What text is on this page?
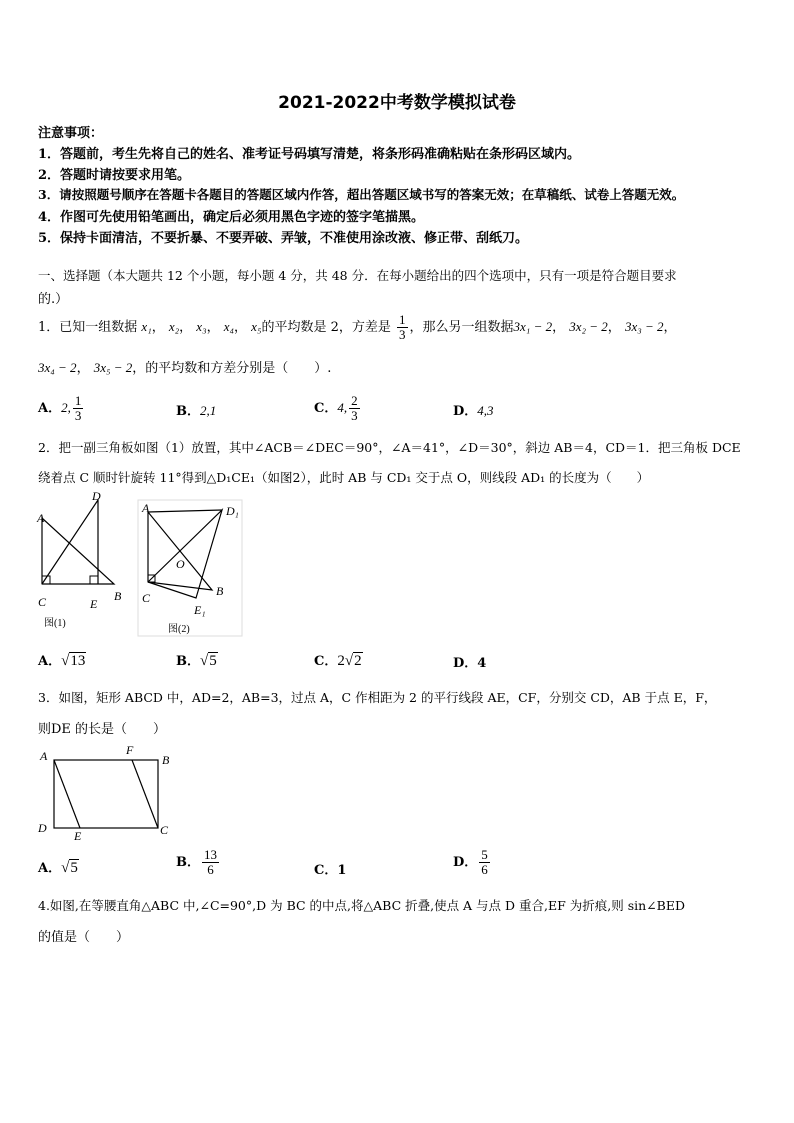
2021-2022中考数学模拟试卷
注意事项：
1．答题前，考生先将自己的姓名、准考证号码填写清楚，将条形码准确粘贴在条形码区域内。
2．答题时请按要求用笔。
3．请按照题号顺序在答题卡各题目的答题区域内作答，超出答题区域书写的答案无效；在草稿纸、试卷上答题无效。
4．作图可先使用铅笔画出，确定后必须用黑色字迹的签字笔描黑。
5．保持卡面清洁，不要折暴、不要弄破、弄皱，不准使用涂改液、修正带、刮纸刀。
一、选择题（本大题共 12 个小题，每小题 4 分，共 48 分．在每小题给出的四个选项中，只有一项是符合题目要求
的.）
1．已知一组数据 x₁， x₂， x₃， x₄， x₅的平均数是 2，方差是 $\frac{1}{3}$ ，那么另一组数据3x₁ − 2， 3x₂ − 2， 3x₃ − 2，
3x₄ − 2， 3x₅ − 2，的平均数和方差分别是（　　）.
A．2, $\frac{1}{3}$	B．2,1	C．4, $\frac{2}{3}$	D．4,3
2．把一副三角板如图（1）放置，其中∠ACB＝∠DEC＝90°，∠A＝41°，∠D＝30°，斜边 AB＝4，CD＝1．把三角板 DCE
绕着点 C 顺时针旋转 11°得到△D₁CE₁（如图2），此时 AB 与 CD₁ 交于点 O，则线段 AD₁ 的长度为（　　）
A
D
C	E
B
图(1)
A	D₁
O
C	B
E₁
图(2)
A．√13	B．√5	C．2√2	D．4
3．如图，矩形 ABCD 中，AD=2，AB=3，过点 A，C 作相距为 2 的平行线段 AE，CF，分别交 CD，AB 于点 E，F，
则DE 的长是（　　）
A	F
B
D
E	C
A．√5	B． $\frac{13}{6}$	C．1
D． $\frac{5}{6}$
4.如图,在等腰直角△ABC 中,∠C=90°,D 为 BC 的中点,将△ABC 折叠,使点 A 与点 D 重合,EF 为折痕,则 sin∠BED
的值是（　　）
